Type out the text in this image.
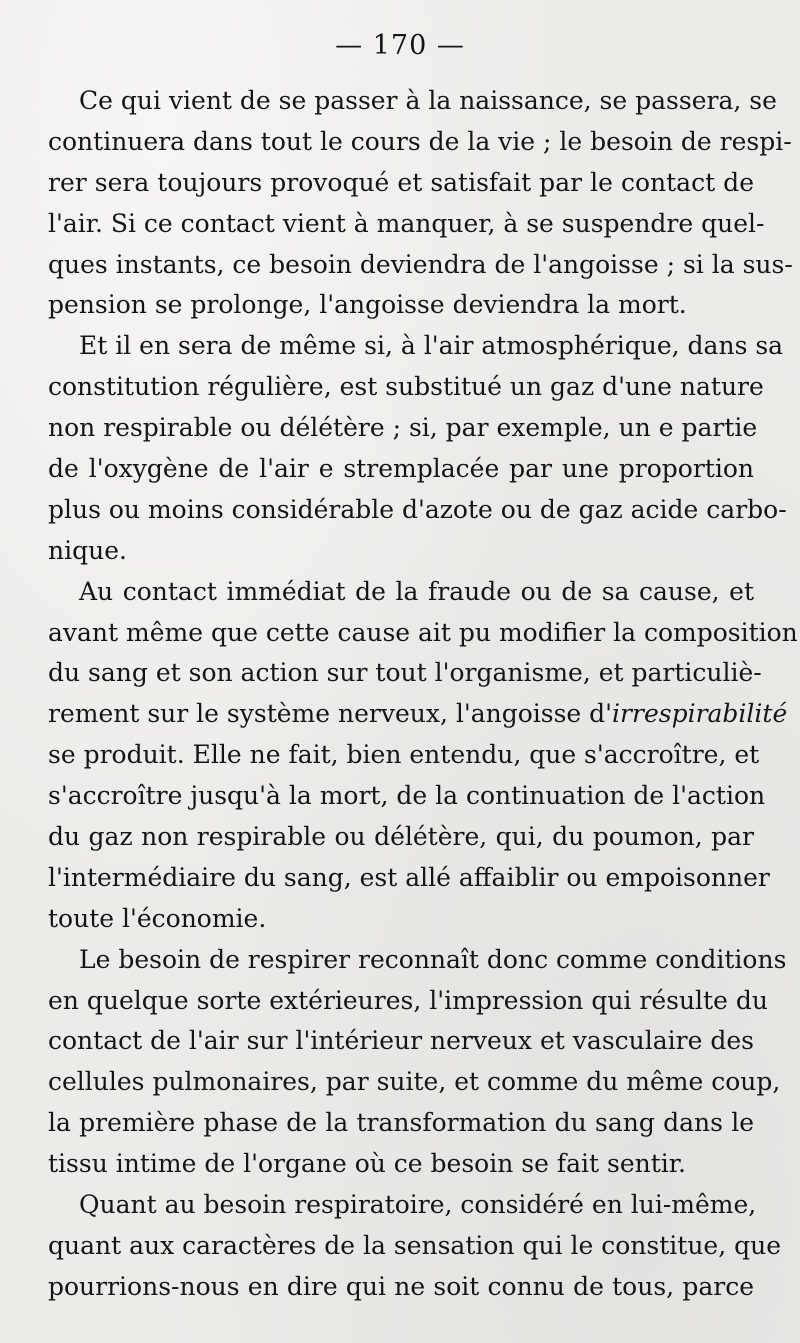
— 170 —
Ce qui vient de se passer à la naissance, se passera, se
continuera dans tout le cours de la vie ; le besoin de respi-
rer sera toujours provoqué et satisfait par le contact de
l'air. Si ce contact vient à manquer, à se suspendre quel-
ques instants, ce besoin deviendra de l'angoisse ; si la sus-
pension se prolonge, l'angoisse deviendra la mort.
Et il en sera de même si, à l'air atmosphérique, dans sa
constitution régulière, est substitué un gaz d'une nature
non respirable ou délétère ; si, par exemple, un e partie
de l'oxygène de l'air e stremplacée par une proportion
plus ou moins considérable d'azote ou de gaz acide carbo-
nique.
Au contact immédiat de la fraude ou de sa cause, et
avant même que cette cause ait pu modifier la composition
du sang et son action sur tout l'organisme, et particuliè-
rement sur le système nerveux, l'angoisse d'irrespirabilité
se produit. Elle ne fait, bien entendu, que s'accroître, et
s'accroître jusqu'à la mort, de la continuation de l'action
du gaz non respirable ou délétère, qui, du poumon, par
l'intermédiaire du sang, est allé affaiblir ou empoisonner
toute l'économie.
Le besoin de respirer reconnaît donc comme conditions
en quelque sorte extérieures, l'impression qui résulte du
contact de l'air sur l'intérieur nerveux et vasculaire des
cellules pulmonaires, par suite, et comme du même coup,
la première phase de la transformation du sang dans le
tissu intime de l'organe où ce besoin se fait sentir.
Quant au besoin respiratoire, considéré en lui-même,
quant aux caractères de la sensation qui le constitue, que
pourrions-nous en dire qui ne soit connu de tous, parce
